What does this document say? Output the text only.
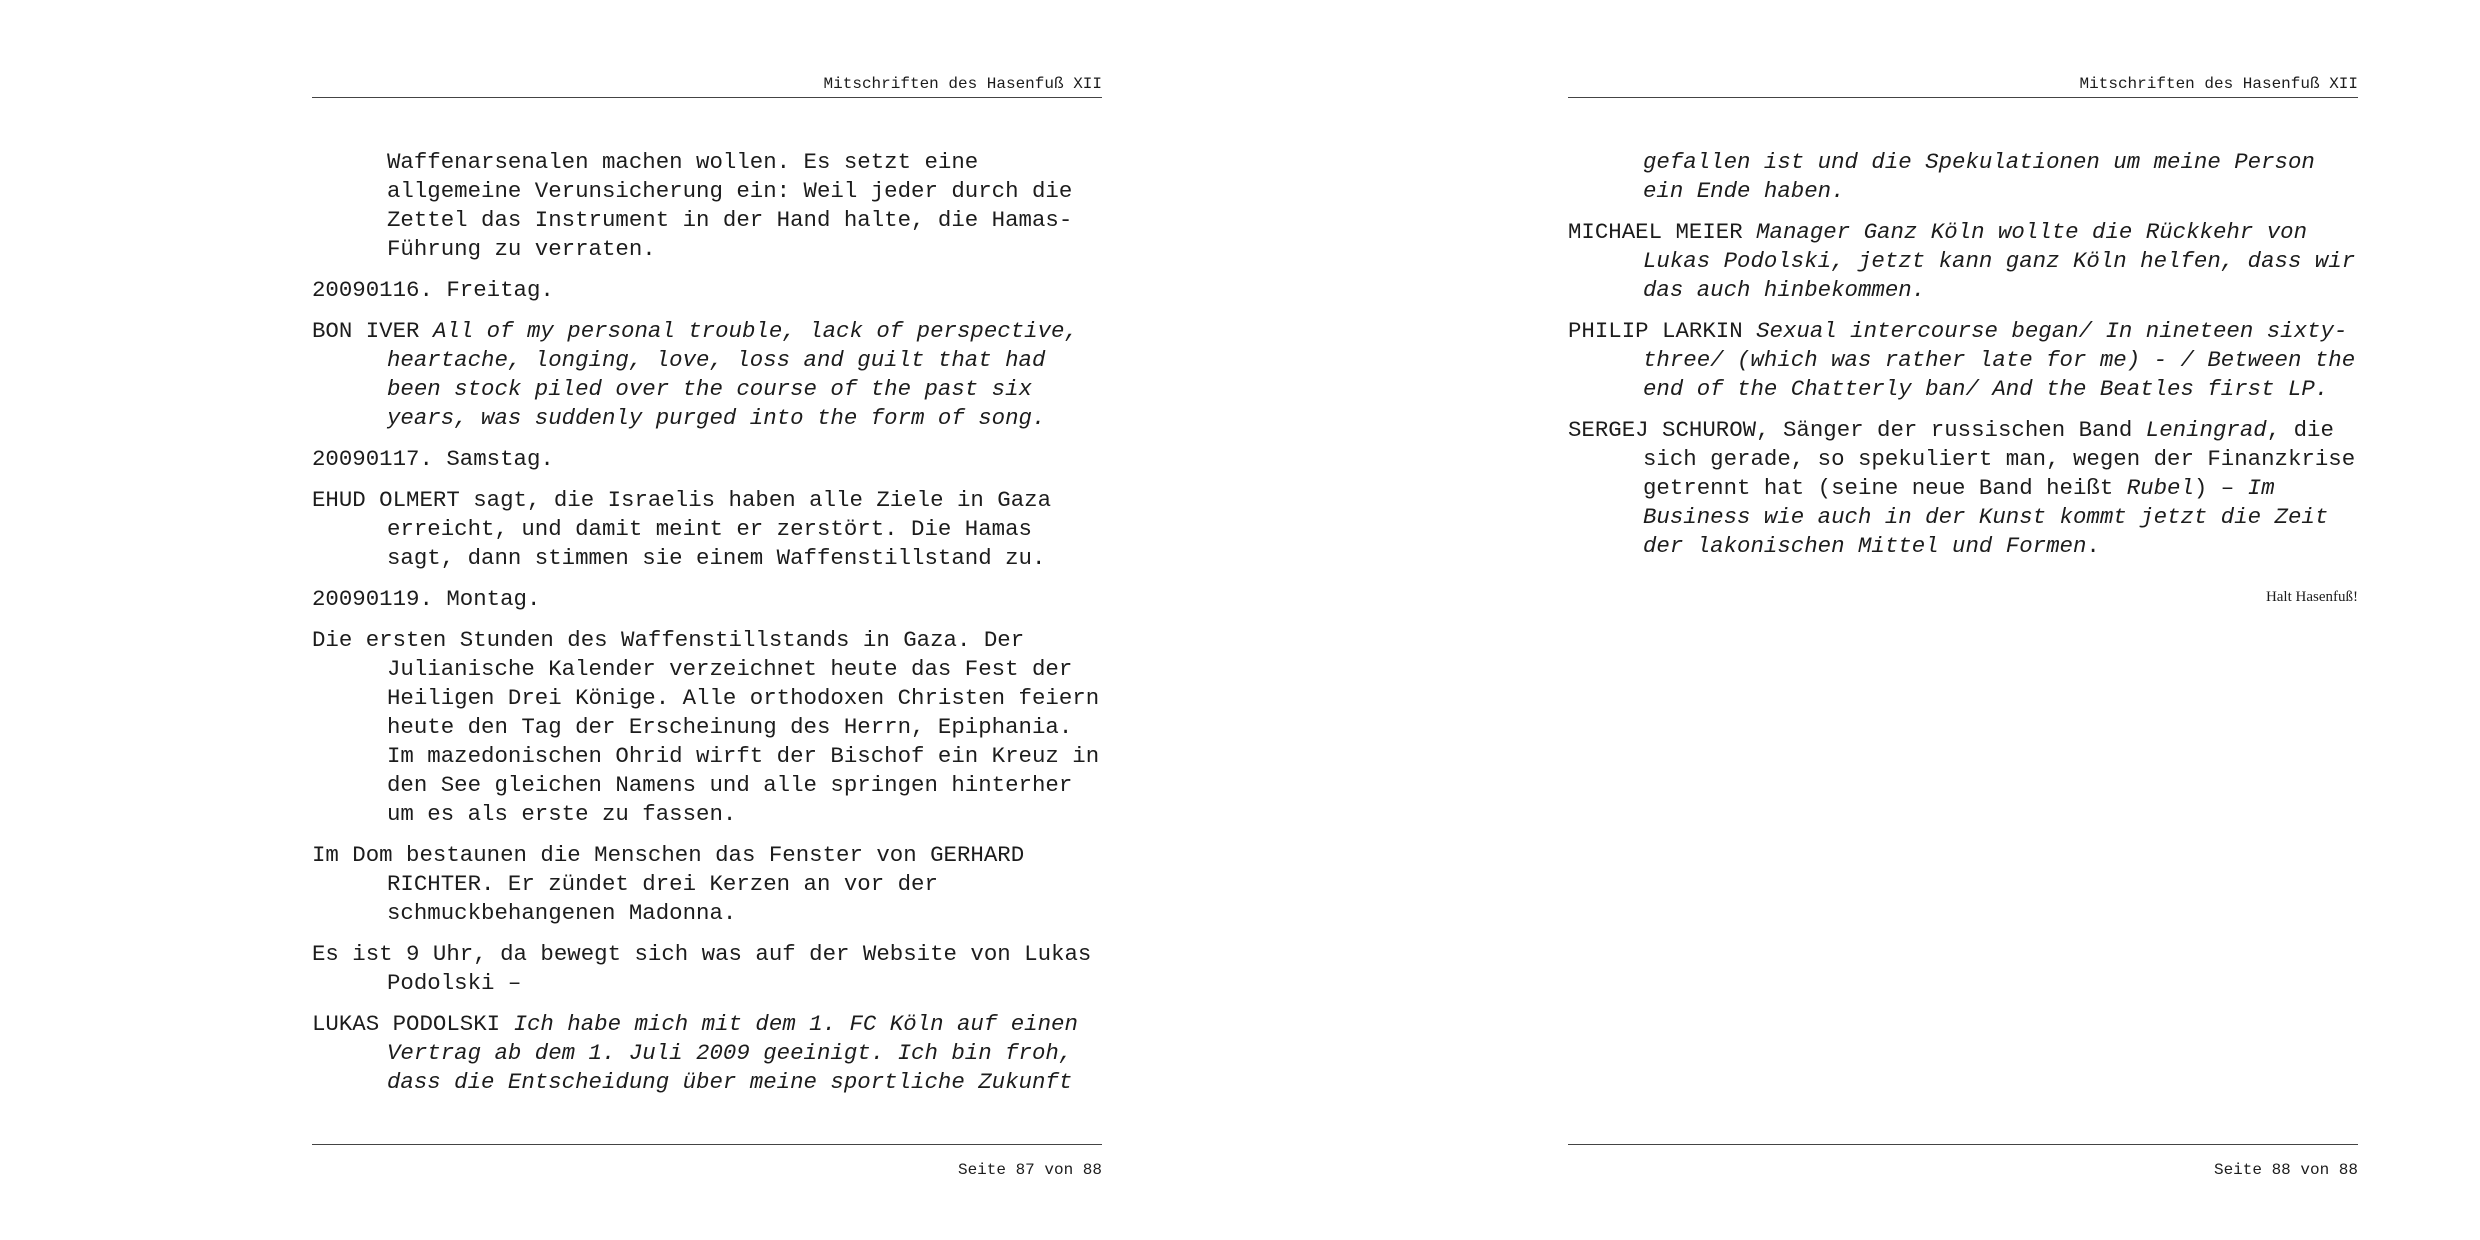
Mitschriften des Hasenfuß XII

Waffenarsenalen machen wollen. Es setzt eine allgemeine Verunsicherung ein: Weil jeder durch die Zettel das Instrument in der Hand halte, die Hamas-Führung zu verraten.

20090116. Freitag.

BON IVER All of my personal trouble, lack of perspective, heartache, longing, love, loss and guilt that had been stock piled over the course of the past six years, was suddenly purged into the form of song.

20090117. Samstag.

EHUD OLMERT sagt, die Israelis haben alle Ziele in Gaza erreicht, und damit meint er zerstört. Die Hamas sagt, dann stimmen sie einem Waffenstillstand zu.

20090119. Montag.

Die ersten Stunden des Waffenstillstands in Gaza. Der Julianische Kalender verzeichnet heute das Fest der Heiligen Drei Könige. Alle orthodoxen Christen feiern heute den Tag der Erscheinung des Herrn, Epiphania. Im mazedonischen Ohrid wirft der Bischof ein Kreuz in den See gleichen Namens und alle springen hinterher um es als erste zu fassen.

Im Dom bestaunen die Menschen das Fenster von GERHARD RICHTER. Er zündet drei Kerzen an vor der schmuckbehangenen Madonna.

Es ist 9 Uhr, da bewegt sich was auf der Website von Lukas Podolski –

LUKAS PODOLSKI Ich habe mich mit dem 1. FC Köln auf einen Vertrag ab dem 1. Juli 2009 geeinigt. Ich bin froh, dass die Entscheidung über meine sportliche Zukunft

Seite 87 von 88
Mitschriften des Hasenfuß XII

gefallen ist und die Spekulationen um meine Person ein Ende haben.

MICHAEL MEIER Manager Ganz Köln wollte die Rückkehr von Lukas Podolski, jetzt kann ganz Köln helfen, dass wir das auch hinbekommen.

PHILIP LARKIN Sexual intercourse began/ In nineteen sixty-three/ (which was rather late for me) - / Between the end of the Chatterly ban/ And the Beatles first LP.

SERGEJ SCHUROW, Sänger der russischen Band Leningrad, die sich gerade, so spekuliert man, wegen der Finanzkrise getrennt hat (seine neue Band heißt Rubel) – Im Business wie auch in der Kunst kommt jetzt die Zeit der lakonischen Mittel und Formen.

Halt Hasenfuß!
Seite 88 von 88
